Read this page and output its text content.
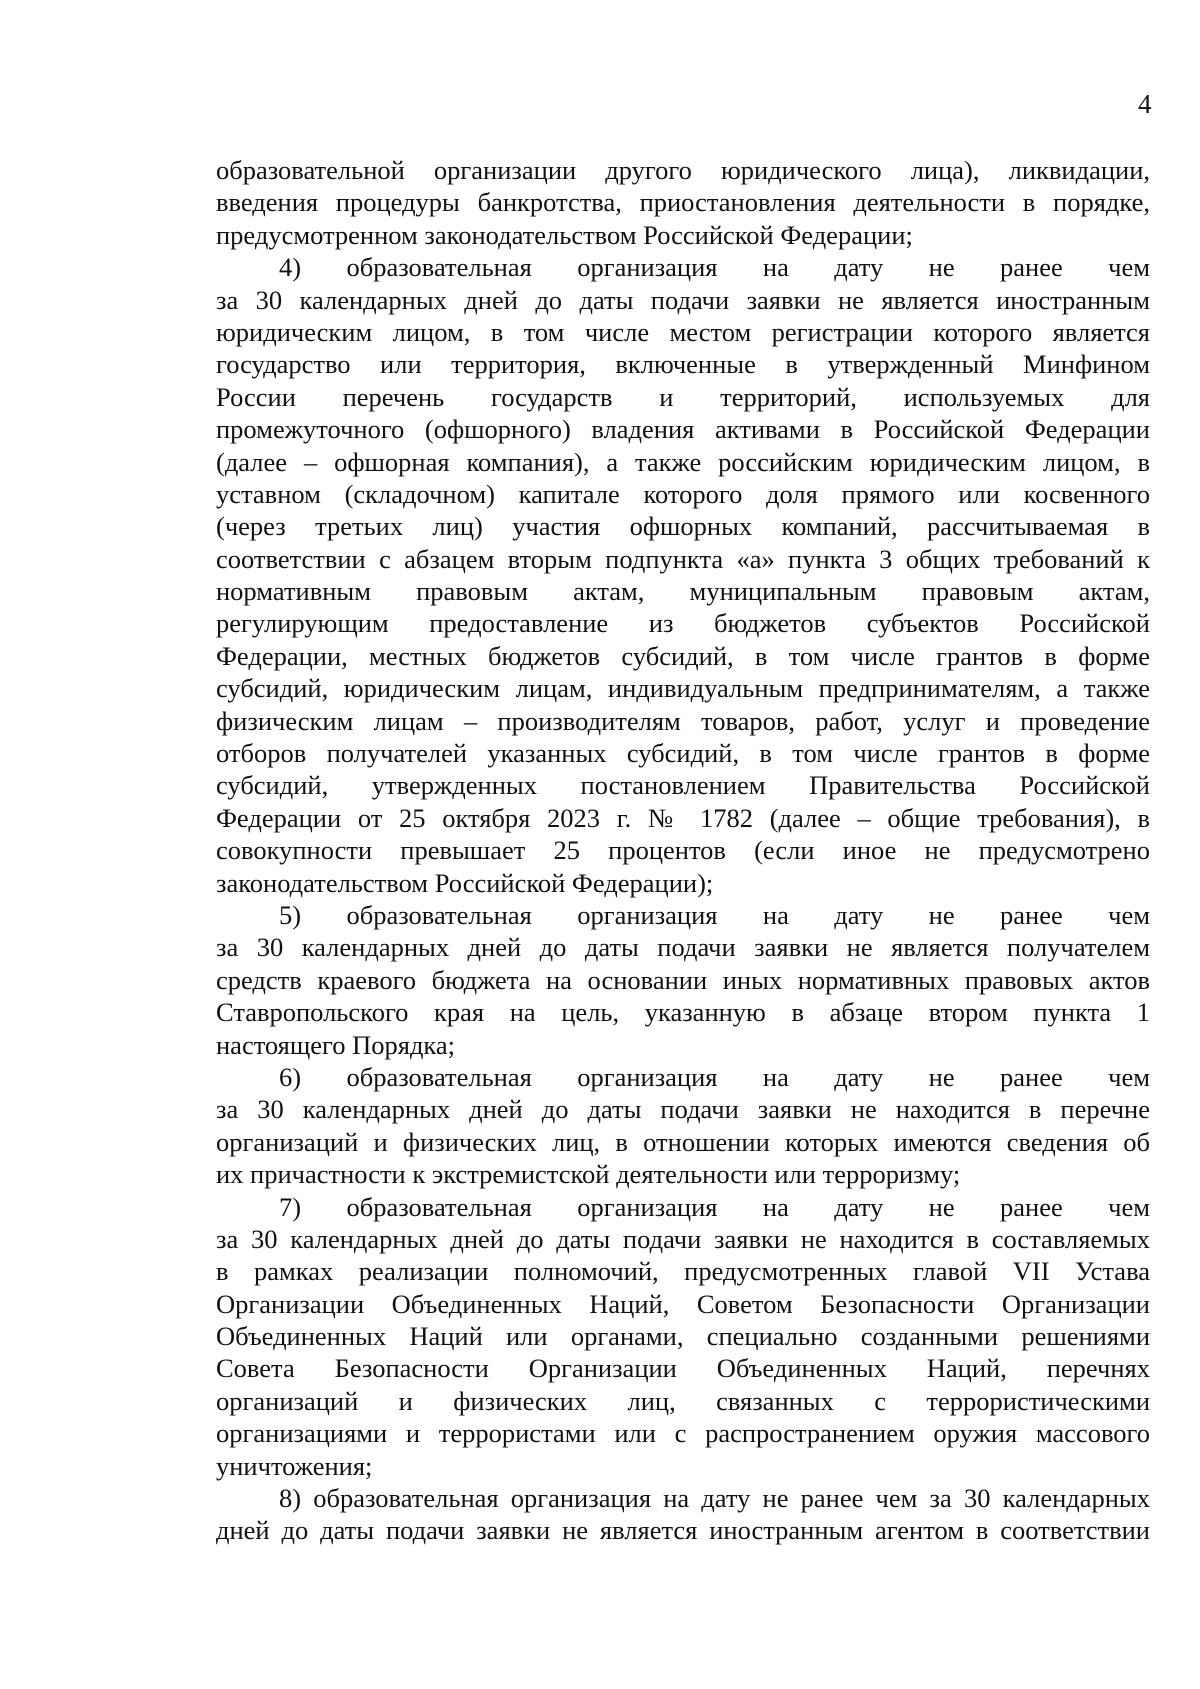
4
образовательной организации другого юридического лица), ликвидации,
введения процедуры банкротства, приостановления деятельности в порядке,
предусмотренном законодательством Российской Федерации;
4) образовательная организация на дату не ранее чем
за 30 календарных дней до даты подачи заявки не является иностранным
юридическим лицом, в том числе местом регистрации которого является
государство или территория, включенные в утвержденный Минфином
России перечень государств и территорий, используемых для
промежуточного (офшорного) владения активами в Российской Федерации
(далее – офшорная компания), а также российским юридическим лицом, в
уставном (складочном) капитале которого доля прямого или косвенного
(через третьих лиц) участия офшорных компаний, рассчитываемая в
соответствии с абзацем вторым подпункта «а» пункта 3 общих требований к
нормативным правовым актам, муниципальным правовым актам,
регулирующим предоставление из бюджетов субъектов Российской
Федерации, местных бюджетов субсидий, в том числе грантов в форме
субсидий, юридическим лицам, индивидуальным предпринимателям, а также
физическим лицам – производителям товаров, работ, услуг и проведение
отборов получателей указанных субсидий, в том числе грантов в форме
субсидий, утвержденных постановлением Правительства Российской
Федерации от 25 октября 2023 г. № 1782 (далее – общие требования), в
совокупности превышает 25 процентов (если иное не предусмотрено
законодательством Российской Федерации);
5) образовательная организация на дату не ранее чем
за 30 календарных дней до даты подачи заявки не является получателем
средств краевого бюджета на основании иных нормативных правовых актов
Ставропольского края на цель, указанную в абзаце втором пункта 1
настоящего Порядка;
6) образовательная организация на дату не ранее чем
за 30 календарных дней до даты подачи заявки не находится в перечне
организаций и физических лиц, в отношении которых имеются сведения об
их причастности к экстремистской деятельности или терроризму;
7) образовательная организация на дату не ранее чем
за 30 календарных дней до даты подачи заявки не находится в составляемых
в рамках реализации полномочий, предусмотренных главой VII Устава
Организации Объединенных Наций, Советом Безопасности Организации
Объединенных Наций или органами, специально созданными решениями
Совета Безопасности Организации Объединенных Наций, перечнях
организаций и физических лиц, связанных с террористическими
организациями и террористами или с распространением оружия массового
уничтожения;
8) образовательная организация на дату не ранее чем за 30 календарных
дней до даты подачи заявки не является иностранным агентом в соответствии
